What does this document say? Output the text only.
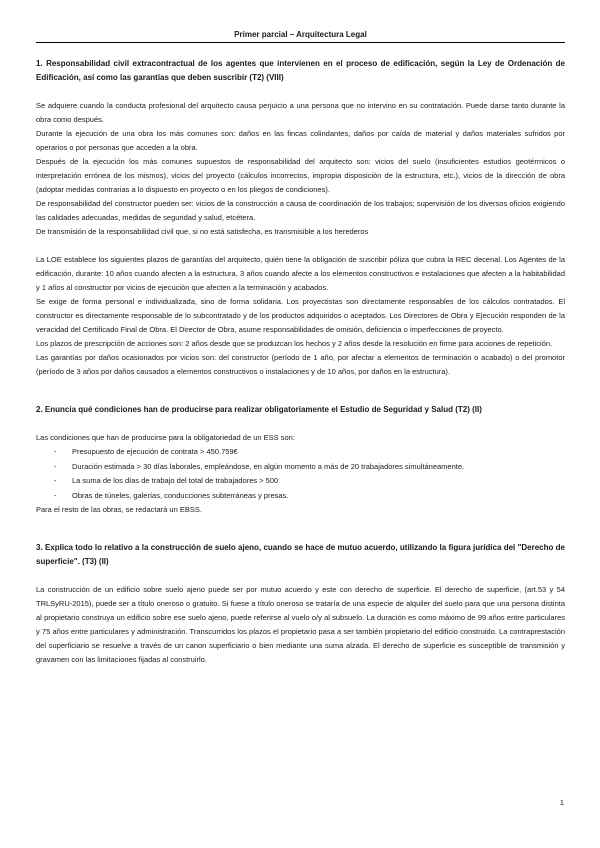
Primer parcial – Arquitectura Legal

1. Responsabilidad civil extracontractual de los agentes que intervienen en el proceso de edificación, según la Ley de Ordenación de Edificación, así como las garantías que deben suscribir (T2) (VIII)

Se adquiere cuando la conducta profesional del arquitecto causa perjuicio a una persona que no intervino en su contratación. Puede darse tanto durante la obra como después.

Durante la ejecución de una obra los más comunes son: daños en las fincas colindantes, daños por caída de material y daños materiales sufridos por operarios o por personas que acceden a la obra.

Después de la ejecución los más comunes supuestos de responsabilidad del arquitecto son: vicios del suelo (insuficientes estudios geotérmicos o interpretación errónea de los mismos), vicios del proyecto (cálculos incorrectos, impropia disposición de la estructura, etc.), vicios de la dirección de obra (adoptar medidas contrarias a lo dispuesto en proyecto o en los pliegos de condiciones).

De responsabilidad del constructor pueden ser: vicios de la construcción a causa de coordinación de los trabajos; supervisión de los diversos oficios exigiendo las calidades adecuadas, medidas de seguridad y salud, etcétera.

De transmisión de la responsabilidad civil que, si no está satisfecha, es transmisible a los herederos

La LOE establece los siguientes plazos de garantías del arquitecto, quién tiene la obligación de suscribir póliza que cubra la REC decenal. Los Agentes de la edificación, durante: 10 años cuando afecten a la estructura, 3 años cuando afecte a los elementos constructivos e instalaciones que afecten a la habitabilidad y 1 años al constructor por vicios de ejecución que afecten a la terminación y acabados.

Se exige de forma personal e individualizada, sino de forma solidaria. Los proyectistas son directamente responsables de los cálculos contratados. El constructor es directamente responsable de lo subcontratado y de los productos adquiridos o aceptados. Los Directores de Obra y Ejecución responden de la veracidad del Certificado Final de Obra. El Director de Obra, asume responsabilidades de omisión, deficiencia o imperfecciones de proyecto.

Los plazos de prescripción de acciones son: 2 años desde que se produzcan los hechos y 2 años desde la resolución en firme para acciones de repetición.

Las garantías por daños ocasionados por vicios son: del constructor (período de 1 año, por afectar a elementos de terminación o acabado) o del promotor (período de 3 años por daños causados a elementos constructivos o instalaciones y de 10 años, por daños en la estructura).

2. Enuncia qué condiciones han de producirse para realizar obligatoriamente el Estudio de Seguridad y Salud (T2) (II)

Las condiciones que han de producirse para la obligatoriedad de un ESS son:

- Presupuesto de ejecución de contrata > 450.759€
- Duración estimada > 30 días laborales, empleándose, en algún momento a más de 20 trabajadores simultáneamente.
- La suma de los días de trabajo del total de trabajadores > 500
- Obras de túneles, galerías, conducciones subterráneas y presas.

Para el resto de las obras, se redactará un EBSS.

3. Explica todo lo relativo a la construcción de suelo ajeno, cuando se hace de mutuo acuerdo, utilizando la figura jurídica del "Derecho de superficie". (T3) (II)

La construcción de un edificio sobre suelo ajeno puede ser por mutuo acuerdo y este con derecho de superficie. El derecho de superficie, (art.53 y 54 TRLSyRU-2015), puede ser a título oneroso o gratuito. Si fuese a título oneroso se trataría de una especie de alquiler del suelo para que una persona distinta al propietario construya un edificio sobre ese suelo ajeno, puede referirse al vuelo o/y al subsuelo. La duración es como máximo de 99 años entre particulares y 75 años entre particulares y administración. Transcurridos los plazos el propietario pasa a ser también propietario del edificio construido. La contraprestación del superficiario se resuelve a través de un canon superficiario o bien mediante una suma alzada. El derecho de superficie es susceptible de transmisión y gravamen con las limitaciones fijadas al construirlo.

1
